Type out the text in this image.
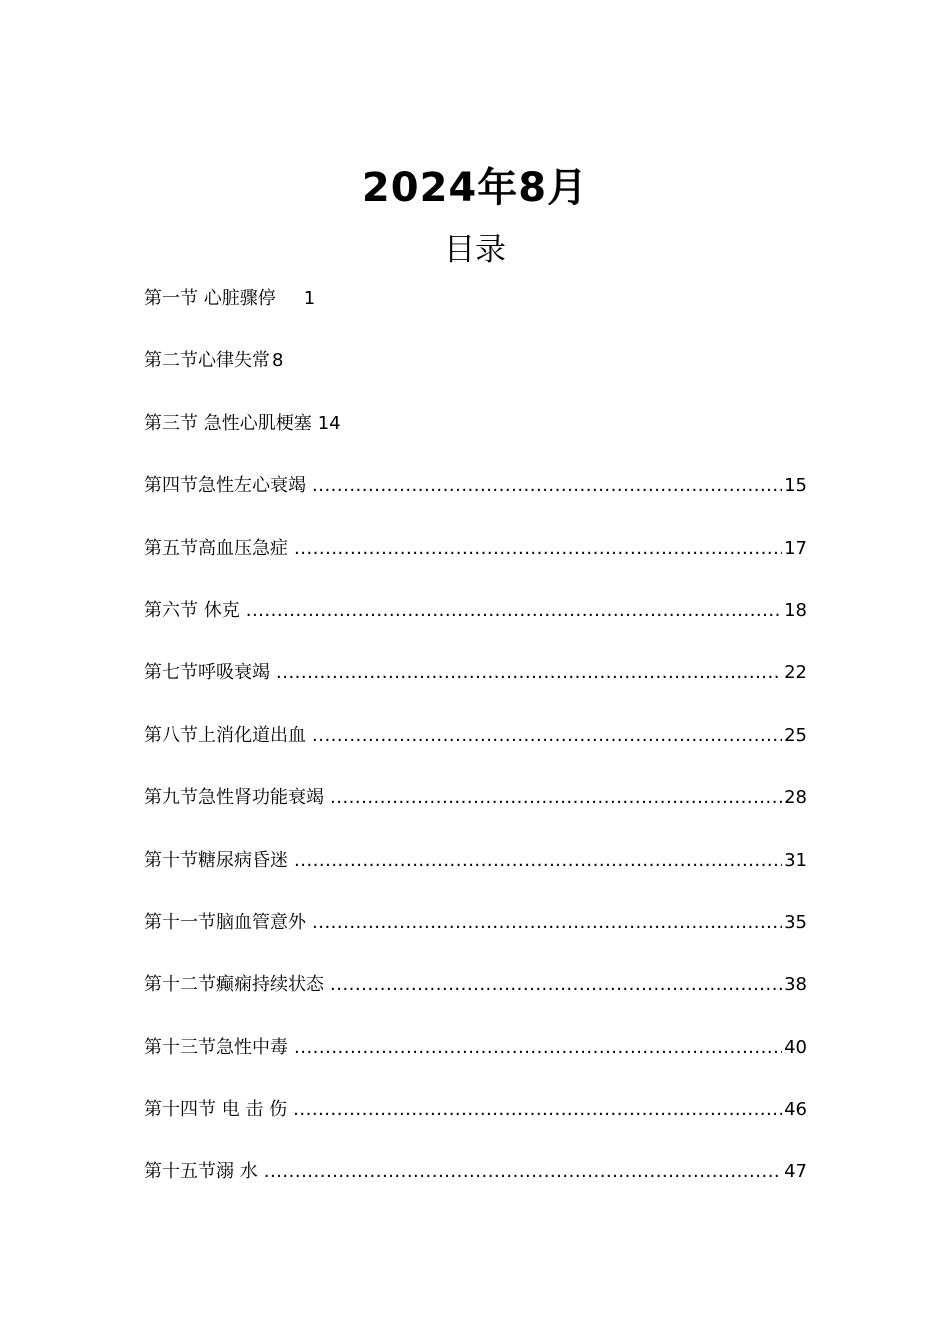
2024年8月
目录
第一节 心脏骤停 1
第二节心律失常 8
第三节 急性心肌梗塞 14
第四节急性左心衰竭 .....	15
第五节高血压急症 .....	17
第六节 休克 .....	18
第七节呼吸衰竭 .....	22
第八节上消化道出血 .....	25
第九节急性肾功能衰竭 .....	28
第十节糖尿病昏迷 .....	31
第十一节脑血管意外 .....	35
第十二节癫痫持续状态 .....	38
第十三节急性中毒 .....	40
第十四节 电 击 伤 .....	46
第十五节溺 水 .....	47
